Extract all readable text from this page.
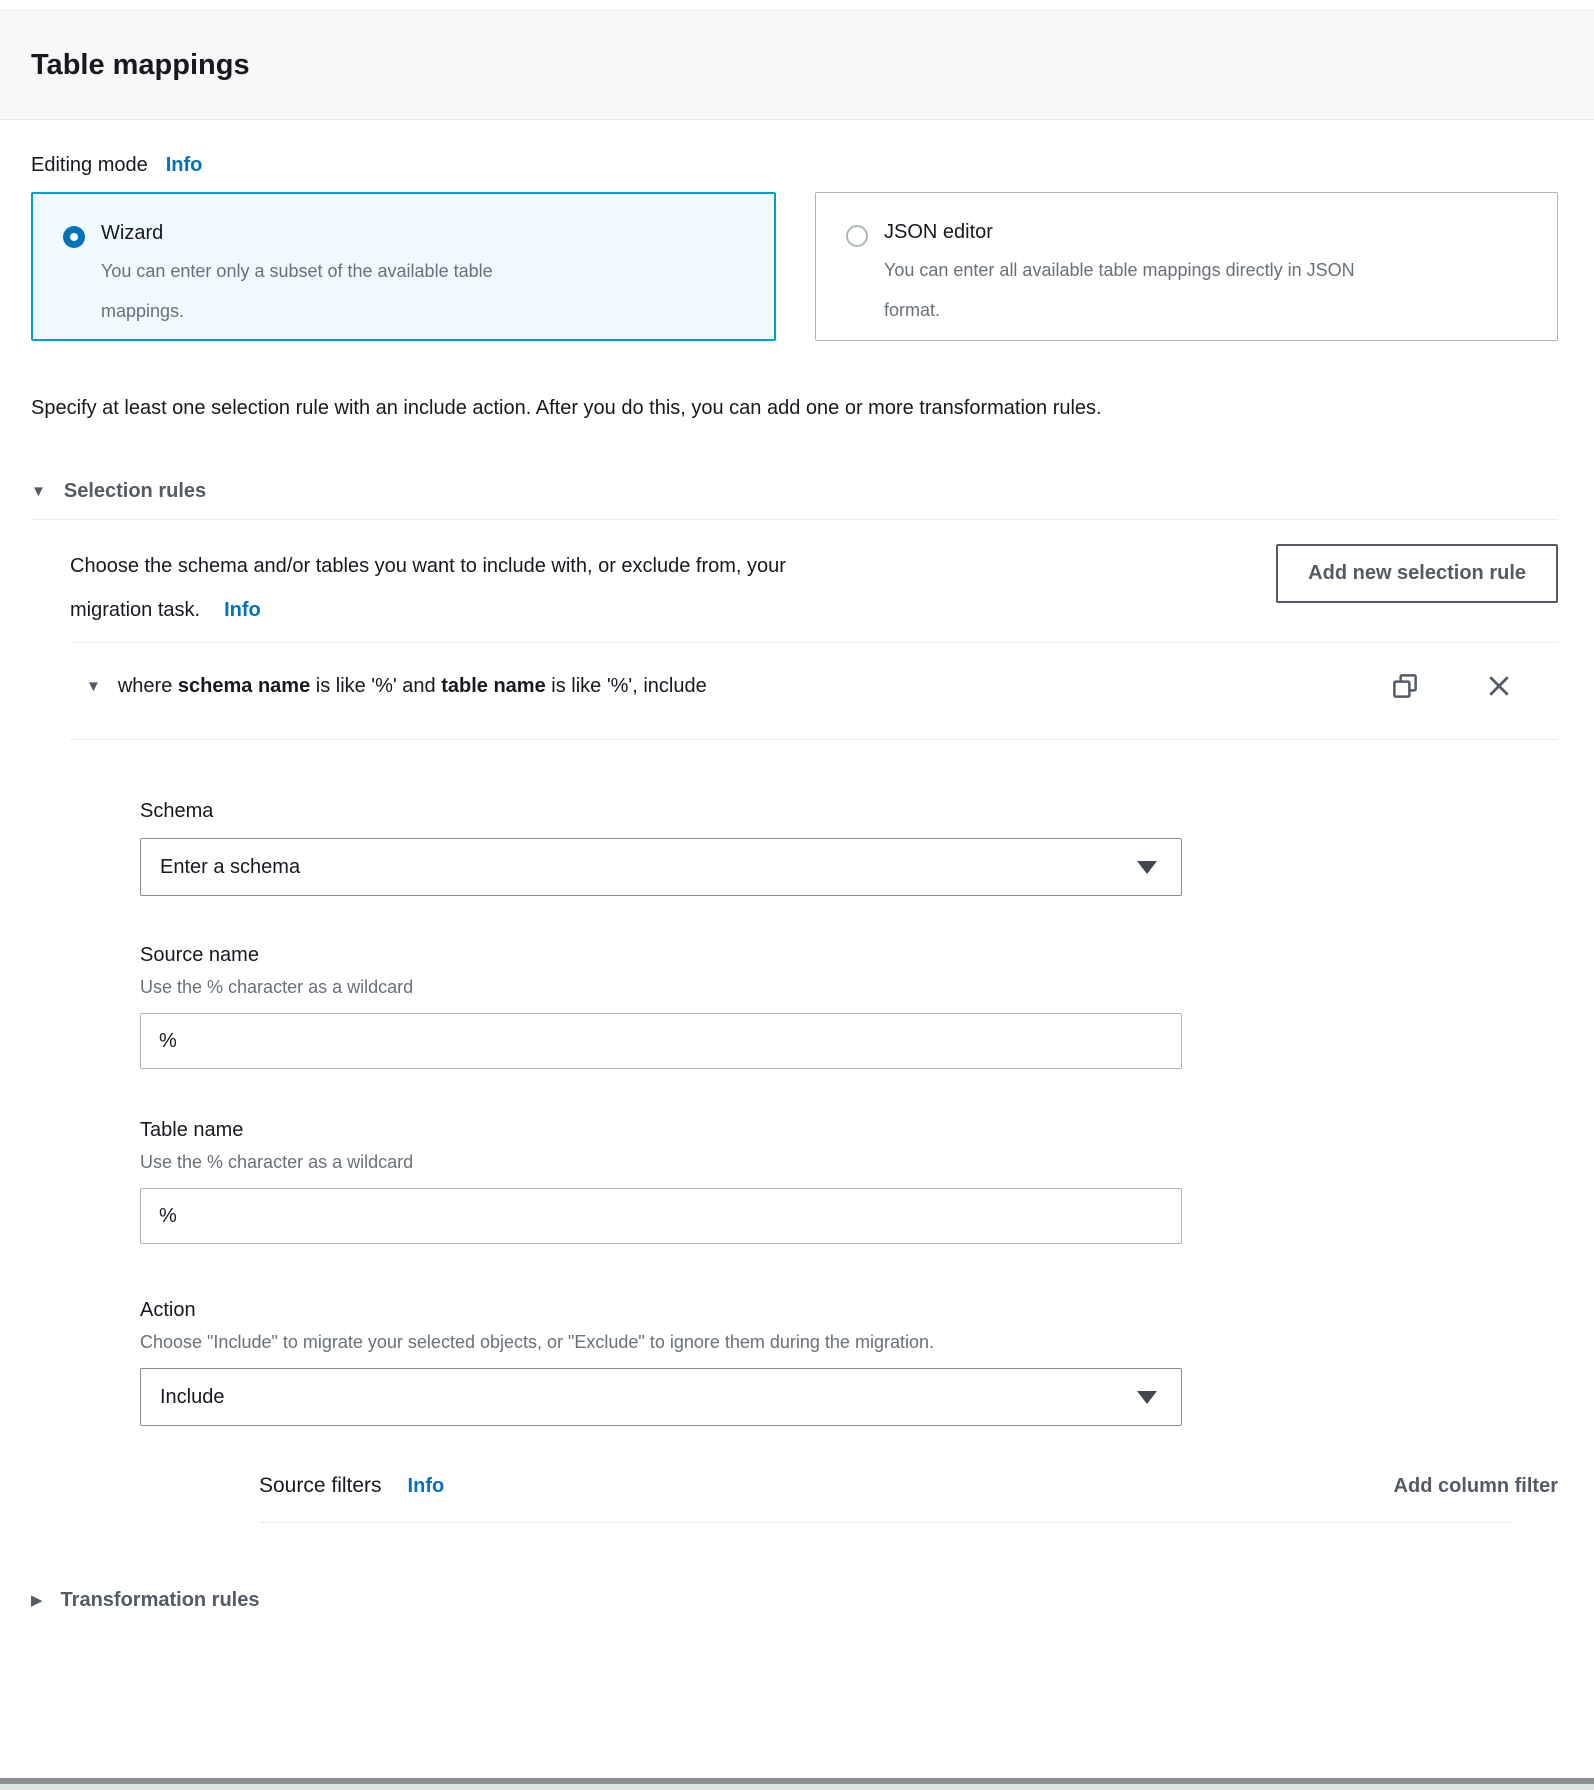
Table mappings
Editing mode Info
Wizard
You can enter only a subset of the available table mappings.
JSON editor
You can enter all available table mappings directly in JSON format.

Specify at least one selection rule with an include action. After you do this, you can add one or more transformation rules.

▼ Selection rules
Choose the schema and/or tables you want to include with, or exclude from, your migration task. Info
Add new selection rule
▼ where schema name is like '%' and table name is like '%', include
Schema
Enter a schema
Source name
Use the % character as a wildcard
%
Table name
Use the % character as a wildcard
%
Action
Choose "Include" to migrate your selected objects, or "Exclude" to ignore them during the migration.
Include
Source filters Info	Add column filter
▶ Transformation rules
